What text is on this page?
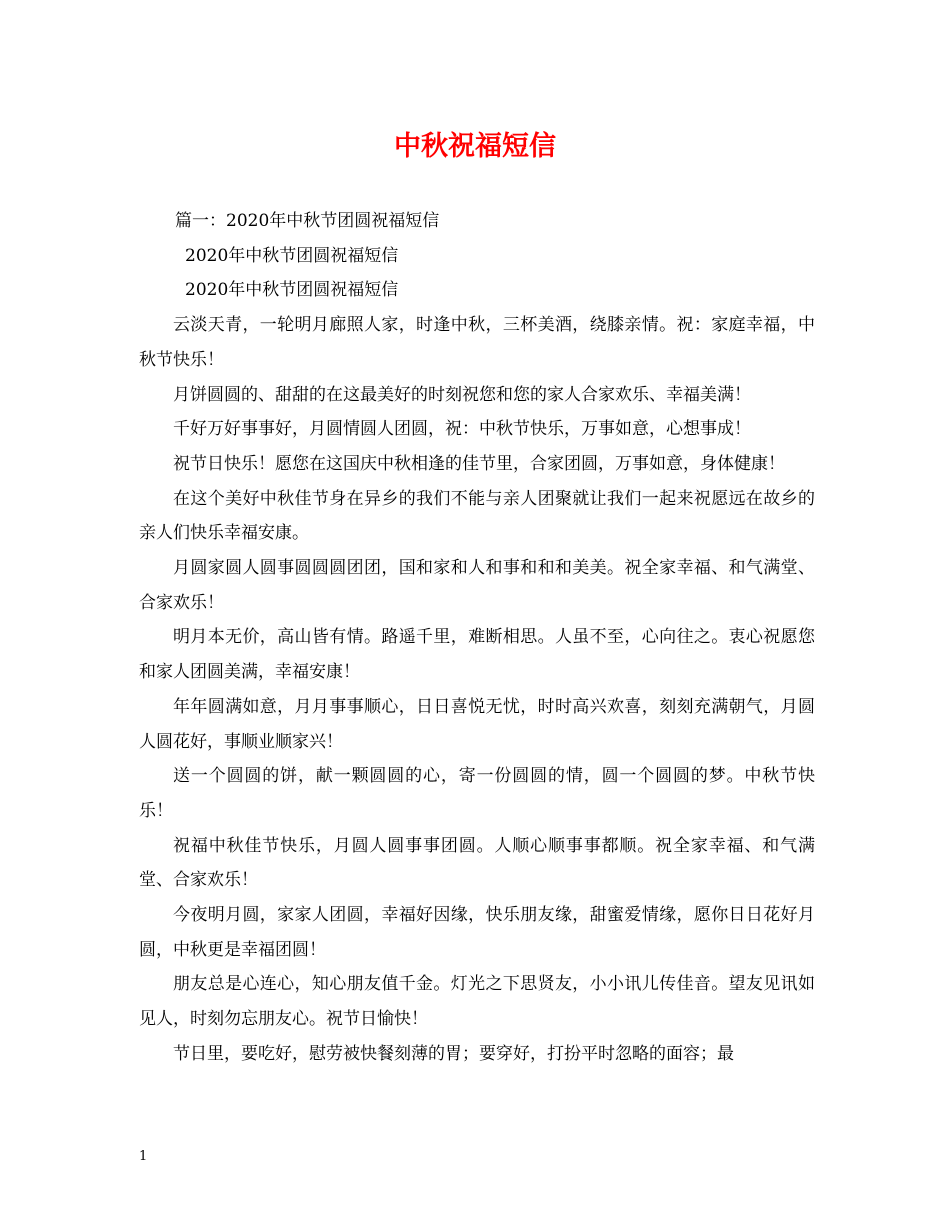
中秋祝福短信

篇一：2020年中秋节团圆祝福短信

2020年中秋节团圆祝福短信

2020年中秋节团圆祝福短信

云淡天青，一轮明月廊照人家，时逢中秋，三杯美酒，绕膝亲情。祝：家庭幸福，中秋节快乐！

月饼圆圆的、甜甜的在这最美好的时刻祝您和您的家人合家欢乐、幸福美满！

千好万好事事好，月圆情圆人团圆，祝：中秋节快乐，万事如意，心想事成！

祝节日快乐！愿您在这国庆中秋相逢的佳节里，合家团圆，万事如意，身体健康！

在这个美好中秋佳节身在异乡的我们不能与亲人团聚就让我们一起来祝愿远在故乡的亲人们快乐幸福安康。

月圆家圆人圆事圆圆圆团团，国和家和人和事和和和美美。祝全家幸福、和气满堂、合家欢乐！

明月本无价，高山皆有情。路遥千里，难断相思。人虽不至，心向往之。衷心祝愿您和家人团圆美满，幸福安康！

年年圆满如意，月月事事顺心，日日喜悦无忧，时时高兴欢喜，刻刻充满朝气，月圆人圆花好，事顺业顺家兴！

送一个圆圆的饼，献一颗圆圆的心，寄一份圆圆的情，圆一个圆圆的梦。中秋节快乐！

祝福中秋佳节快乐，月圆人圆事事团圆。人顺心顺事事都顺。祝全家幸福、和气满堂、合家欢乐！

今夜明月圆，家家人团圆，幸福好因缘，快乐朋友缘，甜蜜爱情缘，愿你日日花好月圆，中秋更是幸福团圆！

朋友总是心连心，知心朋友值千金。灯光之下思贤友，小小讯儿传佳音。望友见讯如见人，时刻勿忘朋友心。祝节日愉快！

节日里，要吃好，慰劳被快餐刻薄的胃；要穿好，打扮平时忽略的面容；最

1
